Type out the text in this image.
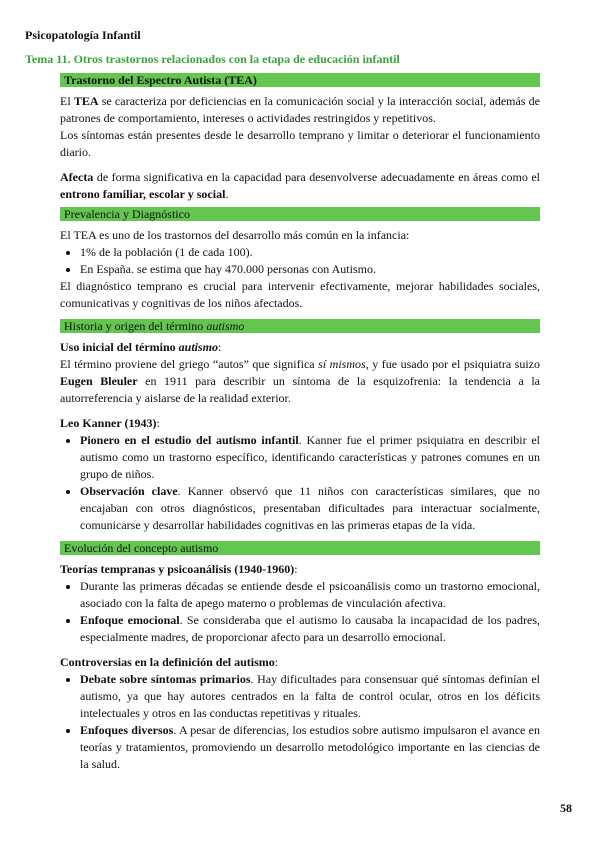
Psicopatología Infantil
Tema 11. Otros trastornos relacionados con la etapa de educación infantil
Trastorno del Espectro Autista (TEA)

El TEA se caracteriza por deficiencias en la comunicación social y la interacción social, además de patrones de comportamiento, intereses o actividades restringidos y repetitivos.

Los síntomas están presentes desde le desarrollo temprano y limitar o deteriorar el funcionamiento diario.

Afecta de forma significativa en la capacidad para desenvolverse adecuadamente en áreas como el entrono familiar, escolar y social.

Prevalencia y Diagnóstico

El TEA es uno de los trastornos del desarrollo más común en la infancia:

• 1% de la población (1 de cada 100).
• En España. se estima que hay 470.000 personas con Autismo.

El diagnóstico temprano es crucial para intervenir efectivamente, mejorar habilidades sociales, comunicativas y cognitivas de los niños afectados.

Historia y origen del término autismo

Uso inicial del término autismo:

El término proviene del griego “autos” que significa sí mismos, y fue usado por el psiquiatra suizo Eugen Bleuler en 1911 para describir un síntoma de la esquizofrenia: la tendencia a la autorreferencia y aislarse de la realidad exterior.

Leo Kanner (1943):

• Pionero en el estudio del autismo infantil. Kanner fue el primer psiquiatra en describir el autismo como un trastorno específico, identificando características y patrones comunes en un grupo de niños.
• Observación clave. Kanner observó que 11 niños con características similares, que no encajaban con otros diagnósticos, presentaban dificultades para interactuar socialmente, comunicarse y desarrollar habilidades cognitivas en las primeras etapas de la vida.
Evolución del concepto autismo

Teorías tempranas y psicoanálisis (1940-1960):

• Durante las primeras décadas se entiende desde el psicoanálisis como un trastorno emocional, asociado con la falta de apego materno o problemas de vinculación afectiva.
• Enfoque emocional. Se consideraba que el autismo lo causaba la incapacidad de los padres, especialmente madres, de proporcionar afecto para un desarrollo emocional.

Controversias en la definición del autismo:

• Debate sobre síntomas primarios. Hay dificultades para consensuar qué síntomas definían el autismo, ya que hay autores centrados en la falta de control ocular, otros en los déficits intelectuales y otros en las conductas repetitivas y rituales.
• Enfoques diversos. A pesar de diferencias, los estudios sobre autismo impulsaron el avance en teorías y tratamientos, promoviendo un desarrollo metodológico importante en las ciencias de la salud.
58
